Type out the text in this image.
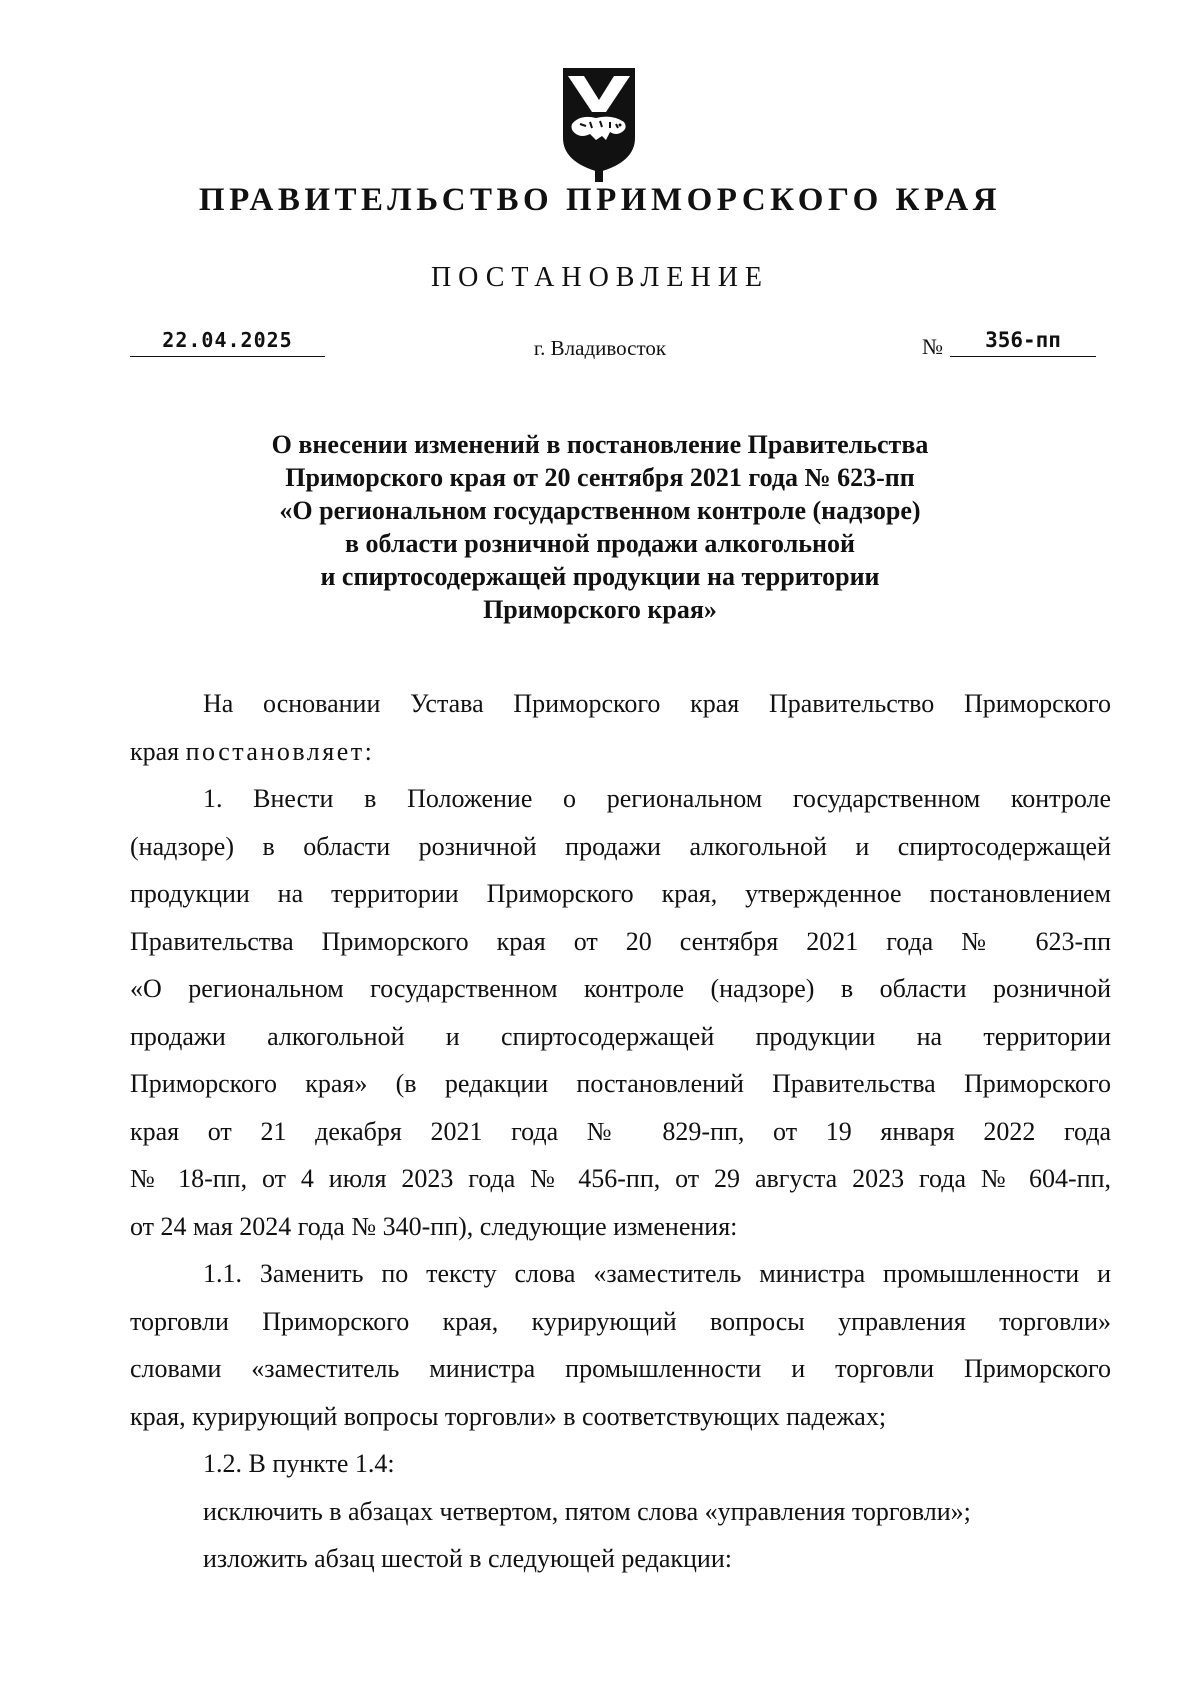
ПРАВИТЕЛЬСТВО ПРИМОРСКОГО КРАЯ
ПОСТАНОВЛЕНИЕ
22.04.2025	г. Владивосток	№	356-пп
О внесении изменений в постановление Правительства
Приморского края от 20 сентября 2021 года № 623-пп
«О региональном государственном контроле (надзоре)
в области розничной продажи алкогольной
и спиртосодержащей продукции на территории
Приморского края»
На основании Устава Приморского края Правительство Приморского
края постановляет:
1. Внести в Положение о региональном государственном контроле
(надзоре) в области розничной продажи алкогольной и спиртосодержащей
продукции на территории Приморского края, утвержденное постановлением
Правительства Приморского края от 20 сентября 2021 года № 623-пп
«О региональном государственном контроле (надзоре) в области розничной
продажи алкогольной и спиртосодержащей продукции на территории
Приморского края» (в редакции постановлений Правительства Приморского
края от 21 декабря 2021 года № 829-пп, от 19 января 2022 года
№ 18-пп, от 4 июля 2023 года № 456-пп, от 29 августа 2023 года № 604-пп,
от 24 мая 2024 года № 340-пп), следующие изменения:
1.1. Заменить по тексту слова «заместитель министра промышленности и
торговли Приморского края, курирующий вопросы управления торговли»
словами «заместитель министра промышленности и торговли Приморского
края, курирующий вопросы торговли» в соответствующих падежах;
1.2. В пункте 1.4:
исключить в абзацах четвертом, пятом слова «управления торговли»;
изложить абзац шестой в следующей редакции:
